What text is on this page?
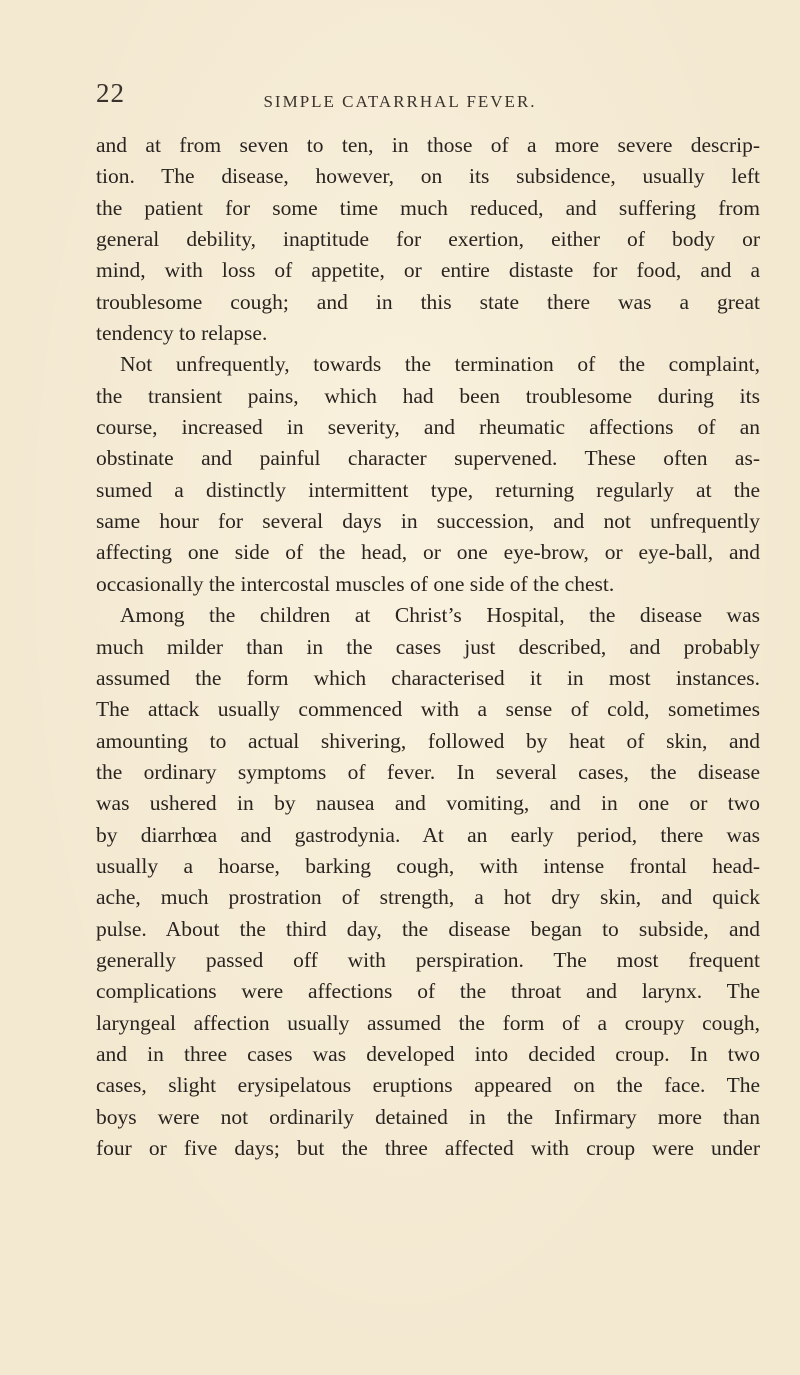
22	SIMPLE CATARRHAL FEVER.
and at from seven to ten, in those of a more severe descrip-
tion. The disease, however, on its subsidence, usually left
the patient for some time much reduced, and suffering from
general debility, inaptitude for exertion, either of body or
mind, with loss of appetite, or entire distaste for food, and a
troublesome cough; and in this state there was a great
tendency to relapse.
Not unfrequently, towards the termination of the complaint,
the transient pains, which had been troublesome during its
course, increased in severity, and rheumatic affections of an
obstinate and painful character supervened. These often as-
sumed a distinctly intermittent type, returning regularly at the
same hour for several days in succession, and not unfrequently
affecting one side of the head, or one eye-brow, or eye-ball, and
occasionally the intercostal muscles of one side of the chest.
Among the children at Christ’s Hospital, the disease was
much milder than in the cases just described, and probably
assumed the form which characterised it in most instances.
The attack usually commenced with a sense of cold, sometimes
amounting to actual shivering, followed by heat of skin, and
the ordinary symptoms of fever. In several cases, the disease
was ushered in by nausea and vomiting, and in one or two
by diarrhœa and gastrodynia. At an early period, there was
usually a hoarse, barking cough, with intense frontal head-
ache, much prostration of strength, a hot dry skin, and quick
pulse. About the third day, the disease began to subside, and
generally passed off with perspiration. The most frequent
complications were affections of the throat and larynx. The
laryngeal affection usually assumed the form of a croupy cough,
and in three cases was developed into decided croup. In two
cases, slight erysipelatous eruptions appeared on the face. The
boys were not ordinarily detained in the Infirmary more than
four or five days; but the three affected with croup were under
